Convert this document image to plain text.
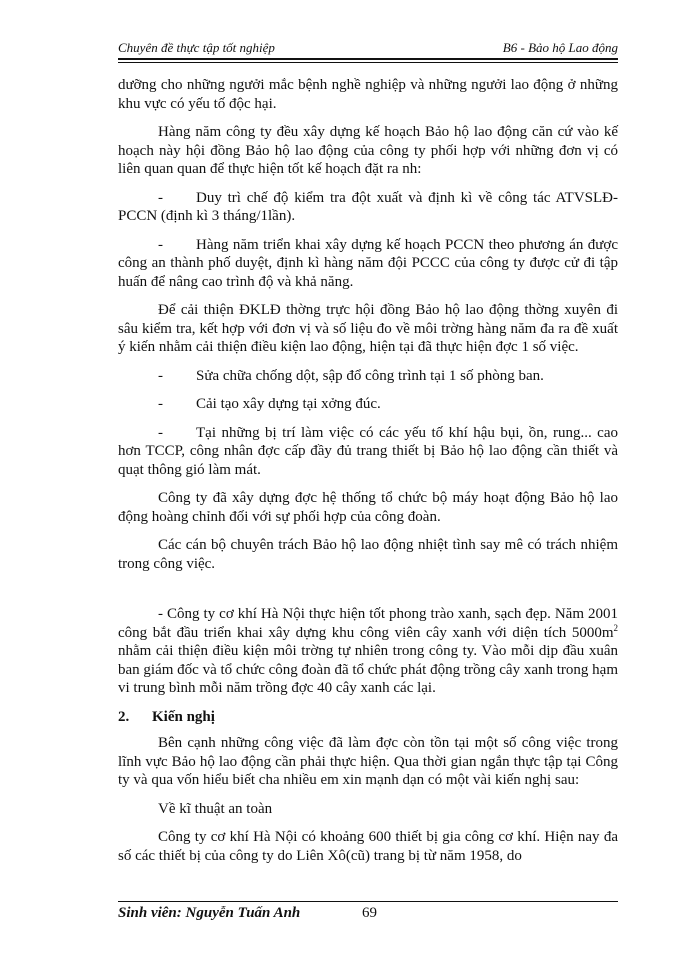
Chuyên đề thực tập tốt nghiệp	B6 - Bảo hộ Lao động

dưỡng cho những ngưởi mắc bệnh nghề nghiệp và những ngưởi lao động ở những khu vực có yếu tố độc hại.

Hàng năm công ty đều xây dựng kế hoạch Bảo hộ lao động căn cứ vào kế hoạch này hội đồng Bảo hộ lao động của công ty phối hợp với những đơn vị có liên quan quan để thực hiện tốt kế hoạch đặt ra nh:

- Duy trì chế độ kiểm tra đột xuất và định kì về công tác ATVSLĐ-PCCN (định kì 3 tháng/1lần).

- Hàng năm triển khai xây dựng kế hoạch PCCN theo phương án được công an thành phố duyệt, định kì hàng năm đội PCCC của công ty được cử đi tập huấn để nâng cao trình độ và khả năng.

Để cải thiện ĐKLĐ thờng trực hội đồng Bảo hộ lao động thờng xuyên đi sâu kiểm tra, kết hợp với đơn vị và số liệu đo về môi trờng hàng năm đa ra đề xuất ý kiến nhằm cải thiện điều kiện lao động, hiện tại đã thực hiện đợc 1 số việc.

- Sửa chữa chống dột, sập đổ công trình tại 1 số phòng ban.

- Cải tạo xây dựng tại xởng đúc.

- Tại những bị trí làm việc có các yếu tố khí hậu bụi, ồn, rung... cao hơn TCCP, công nhân đợc cấp đầy đủ trang thiết bị Bảo hộ lao động cần thiết và quạt thông gió làm mát.

Công ty đã xây dựng đợc hệ thống tổ chức bộ máy hoạt động Bảo hộ lao động hoàng chỉnh đối với sự phối hợp của công đoàn.

Các cán bộ chuyên trách Bảo hộ lao động nhiệt tình say mê có trách nhiệm trong công việc.

- Công ty cơ khí Hà Nội thực hiện tốt phong trào xanh, sạch đẹp. Năm 2001 công bắt đầu triển khai xây dựng khu công viên cây xanh với diện tích $5000m^2$ nhằm cải thiện điều kiện môi trờng tự nhiên trong công ty. Vào mỗi dịp đầu xuân ban giám đốc và tổ chức công đoàn đã tổ chức phát động trồng cây xanh trong hạm vi trung bình mỗi năm trồng đợc 40 cây xanh các lại.

2. Kiến nghị

Bên cạnh những công việc đã làm đợc còn tồn tại một số công việc trong lĩnh vực Bảo hộ lao động cần phải thực hiện. Qua thời gian ngắn thực tập tại Công ty và qua vốn hiểu biết cha nhiều em xin mạnh dạn có một vài kiến nghị sau:

Về kĩ thuật an toàn

Công ty cơ khí Hà Nội có khoảng 600 thiết bị gia công cơ khí. Hiện nay đa số các thiết bị của công ty do Liên Xô(cũ) trang bị từ năm 1958, do

Sinh viên: Nguyễn Tuấn Anh	69
